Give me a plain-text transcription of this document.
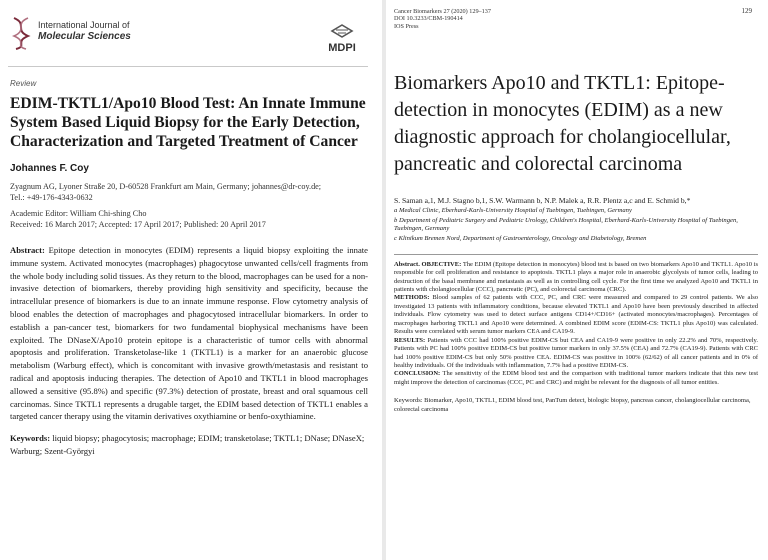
International Journal of
Molecular Sciences
MDPI
Review
EDIM-TKTL1/Apo10 Blood Test: An Innate Immune System Based Liquid Biopsy for the Early Detection, Characterization and Targeted Treatment of Cancer
Johannes F. Coy
Zyagnum AG, Lyoner Straße 20, D-60528 Frankfurt am Main, Germany; johannes@dr-coy.de;
Tel.: +49-176-4343-0632
Academic Editor: William Chi-shing Cho
Received: 16 March 2017; Accepted: 17 April 2017; Published: 20 April 2017
Abstract: Epitope detection in monocytes (EDIM) represents a liquid biopsy exploiting the innate immune system. Activated monocytes (macrophages) phagocytose unwanted cells/cell fragments from the whole body including solid tissues. As they return to the blood, macrophages can be used for a non-invasive detection of biomarkers, thereby providing high sensitivity and specificity, because the intracellular presence of biomarkers is due to an innate immune response. Flow cytometry analysis of blood enables the detection of macrophages and phagocytosed intracellular biomarkers. In order to establish a pan-cancer test, biomarkers for two fundamental biophysical mechanisms have been exploited. The DNaseX/Apo10 protein epitope is a characteristic of tumor cells with abnormal apoptosis and proliferation. Transketolase-like 1 (TKTL1) is a marker for an anaerobic glucose metabolism (Warburg effect), which is concomitant with invasive growth/metastasis and resistant to radical and apoptosis inducing therapies. The detection of Apo10 and TKTL1 in blood macrophages allowed a sensitive (95.8%) and specific (97.3%) detection of prostate, breast and oral squamous cell carcinomas. Since TKTL1 represents a drugable target, the EDIM based detection of TKTL1 enables a targeted cancer therapy using the vitamin derivatives oxythiamine or benfo-oxythiamine.
Keywords: liquid biopsy; phagocytosis; macrophage; EDIM; transketolase; TKTL1; DNase; DNaseX; Warburg; Szent-Györgyi
Cancer Biomarkers 27 (2020) 129–137
DOI 10.3233/CBM-190414
IOS Press
129
Biomarkers Apo10 and TKTL1: Epitope-detection in monocytes (EDIM) as a new diagnostic approach for cholangiocellular, pancreatic and colorectal carcinoma
S. Saman a,1, M.J. Stagno b,1, S.W. Warmann b, N.P. Malek a, R.R. Plentz a,c and E. Schmid b,*
a Medical Clinic, Eberhard-Karls-University Hospital of Tuebingen, Tuebingen, Germany
b Department of Pediatric Surgery and Pediatric Urology, Children's Hospital, Eberhard-Karls-University Hospital of Tuebingen, Tuebingen, Germany
c Klinikum Bremen Nord, Department of Gastroenterology, Oncology and Diabetology, Bremen

Abstract. OBJECTIVE: The EDIM (Epitope detection in monocytes) blood test is based on two biomarkers Apo10 and TKTL1. Apo10 is responsible for cell proliferation and resistance to apoptosis. TKTL1 plays a major role in anaerobic glycolysis of tumor cells, leading to destruction of the basal membrane and metastasis as well as in controlling cell cycle. For the first time we analyzed Apo10 and TKTL1 in patients with cholangiocellular (CCC), pancreatic (PC), and colorectal carcinoma (CRC).

METHODS: Blood samples of 62 patients with CCC, PC, and CRC were measured and compared to 29 control patients. We also investigated 13 patients with inflammatory conditions, because elevated TKTL1 and Apo10 have been previously described in affected individuals. Flow cytometry was used to detect surface antigens CD14+/CD16+ (activated monocytes/macrophages). Percentages of macrophages harboring TKTL1 and Apo10 were determined. A combined EDIM score (EDIM-CS: TKTL1 plus Apo10) was calculated. Results were correlated with serum tumor markers CEA and CA19-9.

RESULTS: Patients with CCC had 100% positive EDIM-CS but CEA and CA19-9 were positive in only 22.2% and 70%, respectively. Patients with PC had 100% positive EDIM-CS but positive tumor markers in only 37.5% (CEA) and 72.7% (CA19-9). Patients with CRC had 100% positive EDIM-CS but only 50% positive CEA. EDIM-CS was positive in 100% (62/62) of all cancer patients and in 0% of healthy individuals. Of the individuals with inflammation, 7.7% had a positive EDIM-CS.

CONCLUSION: The sensitivity of the EDIM blood test and the comparison with traditional tumor markers indicate that this new test might improve the detection of carcinomas (CCC, PC and CRC) and might be relevant for the diagnosis of all tumor entities.

Keywords: Biomarker, Apo10, TKTL1, EDIM blood test, PanTum detect, biologic biopsy, pancreas cancer, cholangiocellular carcinoma, colorectal carcinoma
